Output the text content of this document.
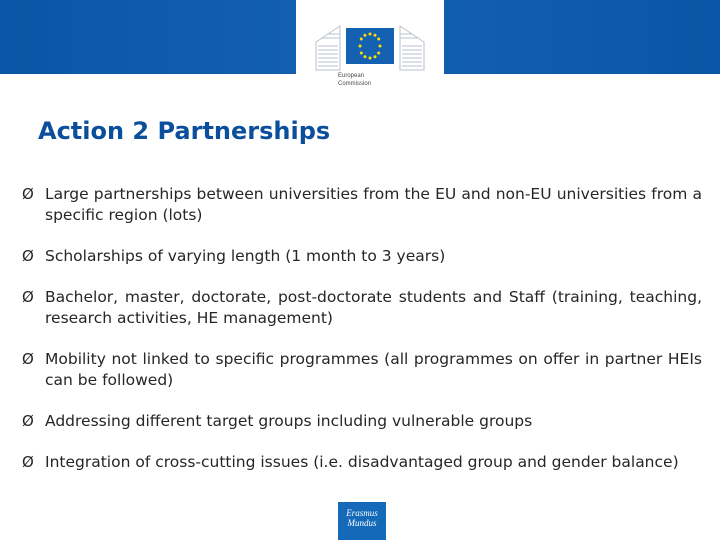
European
Commission
Action 2 Partnerships
Ø Large partnerships between universities from the EU and non-EU universities from a specific region (lots)
Ø Scholarships of varying length (1 month to 3 years)
Ø Bachelor, master, doctorate, post-doctorate students and Staff (training, teaching, research activities, HE management)
Ø Mobility not linked to specific programmes (all programmes on offer in partner HEIs can be followed)
Ø Addressing different target groups including vulnerable groups
Ø Integration of cross-cutting issues (i.e. disadvantaged group and gender balance)
Erasmus
Mundus
